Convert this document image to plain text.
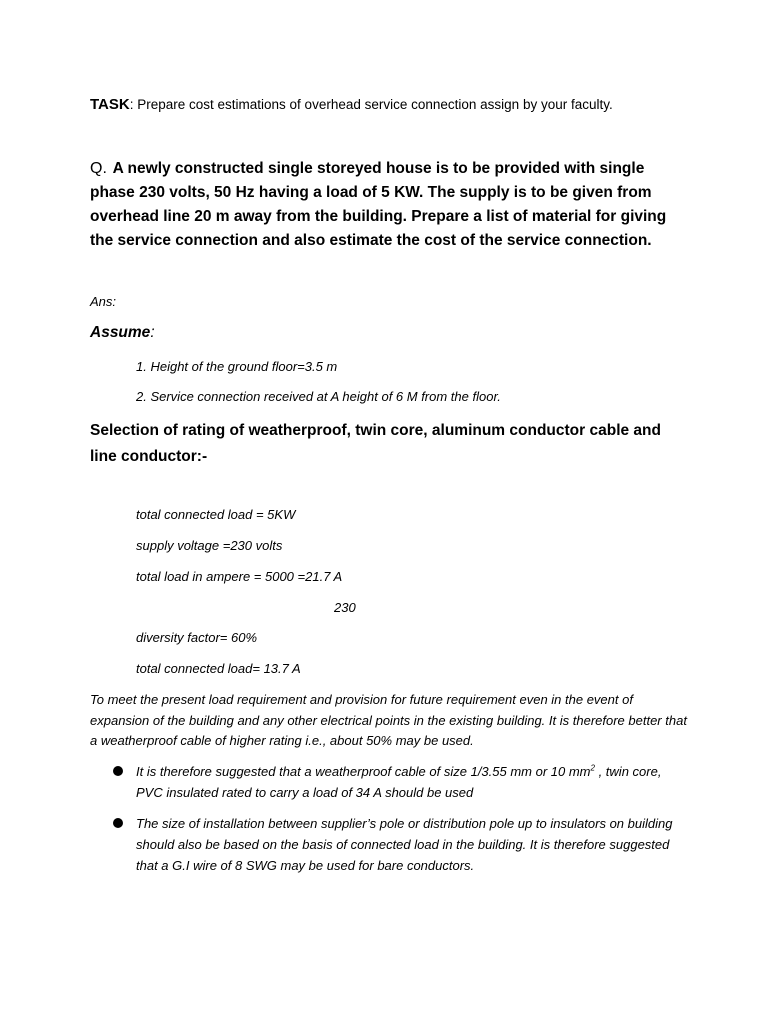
TASK: Prepare cost estimations of overhead service connection assign by your faculty.
Q. A newly constructed single storeyed house is to be provided with single phase 230 volts, 50 Hz having a load of 5 KW. The supply is to be given from overhead line 20 m away from the building. Prepare a list of material for giving the service connection and also estimate the cost of the service connection.
Ans:
Assume:
1. Height of the ground floor=3.5 m
2. Service connection received at A height of 6 M from the floor.
Selection of rating of weatherproof, twin core, aluminum conductor cable and line conductor:-
total connected load = 5KW
supply voltage =230 volts
total load in ampere = 5000 =21.7 A
230
diversity factor= 60%
total connected load= 13.7 A
To meet the present load requirement and provision for future requirement even in the event of expansion of the building and any other electrical points in the existing building. It is therefore better that a weatherproof cable of higher rating i.e., about 50% may be used.
It is therefore suggested that a weatherproof cable of size 1/3.55 mm or 10 $mm^2$ , twin core, PVC insulated rated to carry a load of 34 A should be used
The size of installation between supplier’s pole or distribution pole up to insulators on building should also be based on the basis of connected load in the building. It is therefore suggested that a G.I wire of 8 SWG may be used for bare conductors.
